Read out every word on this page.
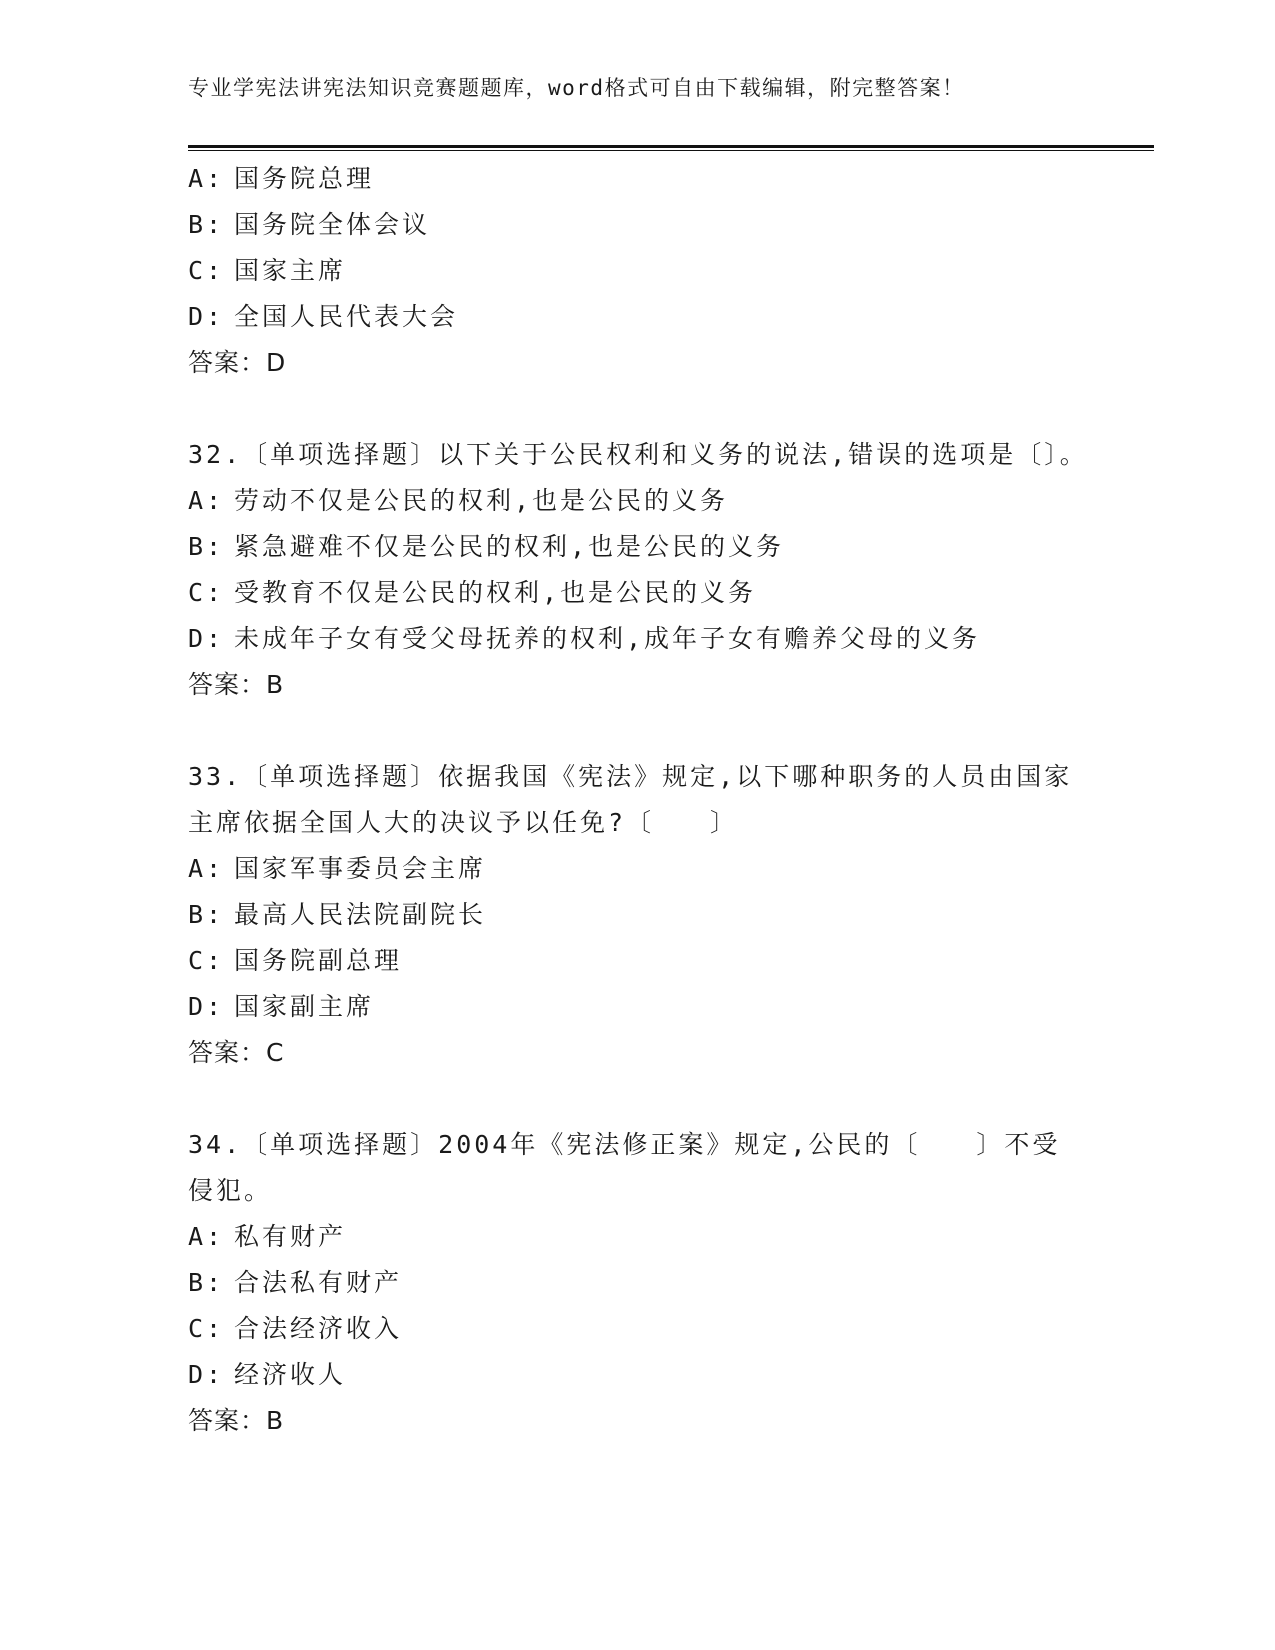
专业学宪法讲宪法知识竞赛题题库，word格式可自由下载编辑，附完整答案！
A: 国务院总理
B: 国务院全体会议
C: 国家主席
D: 全国人民代表大会
答案：D
32.〔单项选择题〕以下关于公民权利和义务的说法,错误的选项是〔〕。
A: 劳动不仅是公民的权利,也是公民的义务
B: 紧急避难不仅是公民的权利,也是公民的义务
C: 受教育不仅是公民的权利,也是公民的义务
D: 未成年子女有受父母抚养的权利,成年子女有赡养父母的义务
答案：B
33.〔单项选择题〕依据我国《宪法》规定,以下哪种职务的人员由国家主席依据全国人大的决议予以任免?〔　　〕
A: 国家军事委员会主席
B: 最高人民法院副院长
C: 国务院副总理
D: 国家副主席
答案：C
34.〔单项选择题〕2004年《宪法修正案》规定,公民的〔　　〕不受侵犯。
A: 私有财产
B: 合法私有财产
C: 合法经济收入
D: 经济收人
答案：B
